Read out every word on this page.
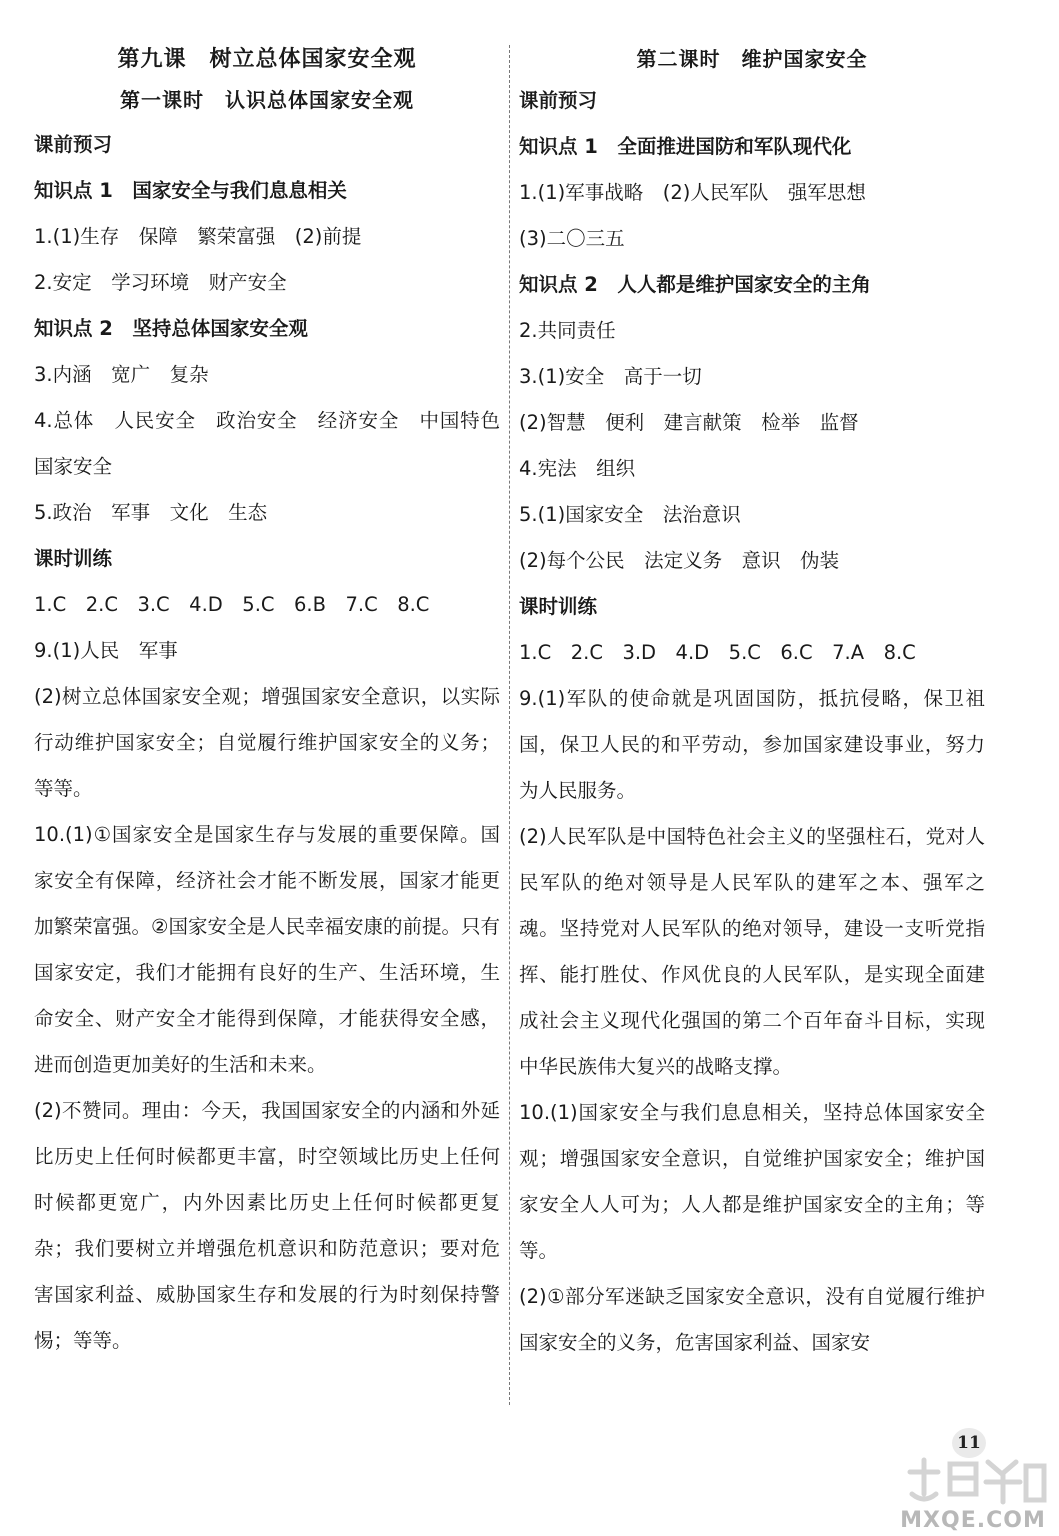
第九课　树立总体国家安全观
第一课时　认识总体国家安全观
课前预习
知识点 1　国家安全与我们息息相关
1.(1)生存　保障　繁荣富强　(2)前提
2.安定　学习环境　财产安全
知识点 2　坚持总体国家安全观
3.内涵　宽广　复杂
4.总体　人民安全　政治安全　经济安全　中国特色国家安全
5.政治　军事　文化　生态
课时训练
1.C　2.C　3.C　4.D　5.C　6.B　7.C　8.C
9.(1)人民　军事
(2)树立总体国家安全观；增强国家安全意识，以实际行动维护国家安全；自觉履行维护国家安全的义务；等等。
10.(1)①国家安全是国家生存与发展的重要保障。国家安全有保障，经济社会才能不断发展，国家才能更加繁荣富强。②国家安全是人民幸福安康的前提。只有国家安定，我们才能拥有良好的生产、生活环境，生命安全、财产安全才能得到保障，才能获得安全感，进而创造更加美好的生活和未来。
(2)不赞同。理由：今天，我国国家安全的内涵和外延比历史上任何时候都更丰富，时空领域比历史上任何时候都更宽广，内外因素比历史上任何时候都更复杂；我们要树立并增强危机意识和防范意识；要对危害国家利益、威胁国家生存和发展的行为时刻保持警惕；等等。
第二课时　维护国家安全
课前预习
知识点 1　全面推进国防和军队现代化
1.(1)军事战略　(2)人民军队　强军思想
(3)二〇三五
知识点 2　人人都是维护国家安全的主角
2.共同责任
3.(1)安全　高于一切
(2)智慧　便利　建言献策　检举　监督
4.宪法　组织
5.(1)国家安全　法治意识
(2)每个公民　法定义务　意识　伪装
课时训练
1.C　2.C　3.D　4.D　5.C　6.C　7.A　8.C
9.(1)军队的使命就是巩固国防，抵抗侵略，保卫祖国，保卫人民的和平劳动，参加国家建设事业，努力为人民服务。
(2)人民军队是中国特色社会主义的坚强柱石，党对人民军队的绝对领导是人民军队的建军之本、强军之魂。坚持党对人民军队的绝对领导，建设一支听党指挥、能打胜仗、作风优良的人民军队，是实现全面建成社会主义现代化强国的第二个百年奋斗目标，实现中华民族伟大复兴的战略支撑。
10.(1)国家安全与我们息息相关，坚持总体国家安全观；增强国家安全意识，自觉维护国家安全；维护国家安全人人可为；人人都是维护国家安全的主角；等等。
(2)①部分军迷缺乏国家安全意识，没有自觉履行维护国家安全的义务，危害国家利益、国家安
11
MXQE.COM
